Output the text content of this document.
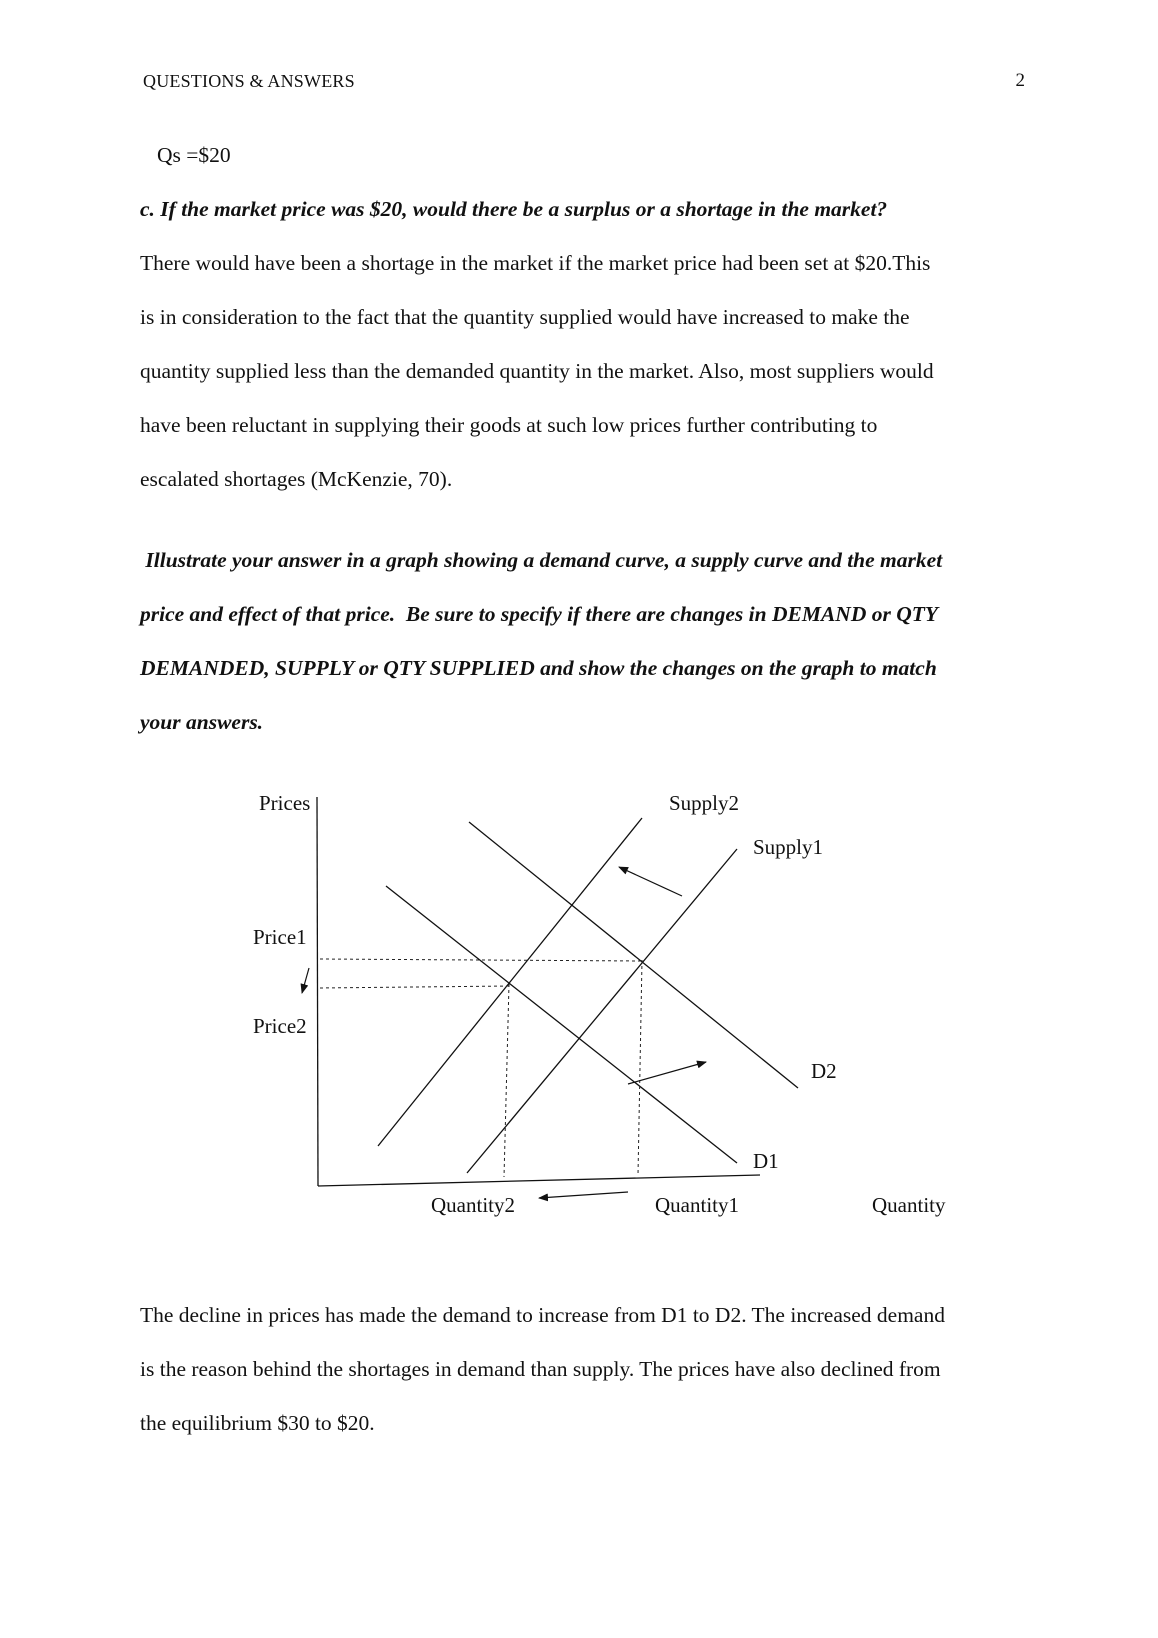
QUESTIONS & ANSWERS	2
Qs =$20
c. If the market price was $20, would there be a surplus or a shortage in the market?
There would have been a shortage in the market if the market price had been set at $20.This
is in consideration to the fact that the quantity supplied would have increased to make the
quantity supplied less than the demanded quantity in the market. Also, most suppliers would
have been reluctant in supplying their goods at such low prices further contributing to
escalated shortages (McKenzie, 70).
Illustrate your answer in a graph showing a demand curve, a supply curve and the market
price and effect of that price.  Be sure to specify if there are changes in DEMAND or QTY
DEMANDED, SUPPLY or QTY SUPPLIED and show the changes on the graph to match
your answers.
Prices	Supply2
Supply1
Price1
Price2
D2
D1
Quantity2	Quantity1	Quantity
The decline in prices has made the demand to increase from D1 to D2. The increased demand
is the reason behind the shortages in demand than supply. The prices have also declined from
the equilibrium $30 to $20.
